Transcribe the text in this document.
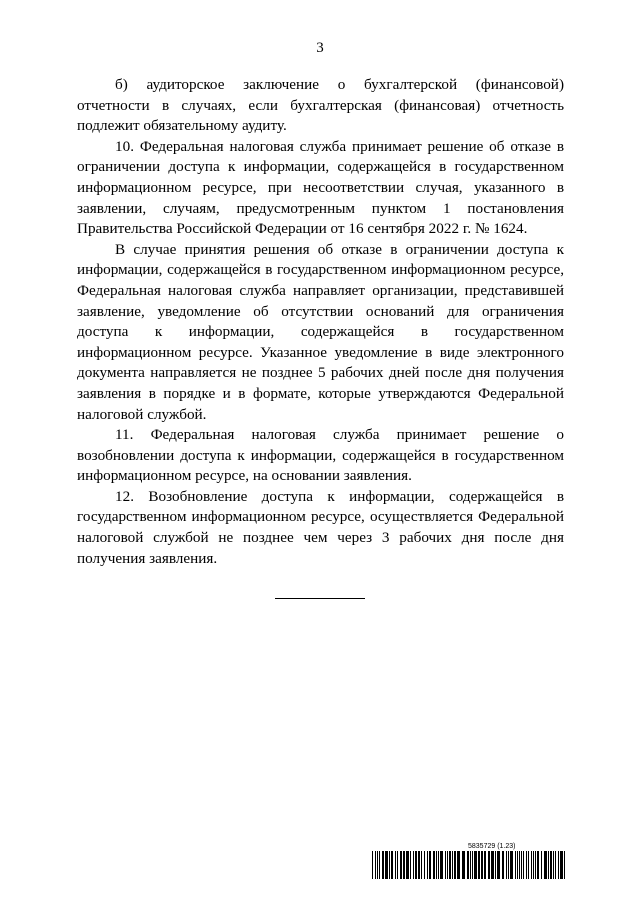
3

б) аудиторское заключение о бухгалтерской (финансовой) отчетности в случаях, если бухгалтерская (финансовая) отчетность подлежит обязательному аудиту.

10. Федеральная налоговая служба принимает решение об отказе в ограничении доступа к информации, содержащейся в государственном информационном ресурсе, при несоответствии случая, указанного в заявлении, случаям, предусмотренным пунктом 1 постановления Правительства Российской Федерации от 16 сентября 2022 г. № 1624.

В случае принятия решения об отказе в ограничении доступа к информации, содержащейся в государственном информационном ресурсе, Федеральная налоговая служба направляет организации, представившей заявление, уведомление об отсутствии оснований для ограничения доступа к информации, содержащейся в государственном информационном ресурсе. Указанное уведомление в виде электронного документа направляется не позднее 5 рабочих дней после дня получения заявления в порядке и в формате, которые утверждаются Федеральной налоговой службой.

11. Федеральная налоговая служба принимает решение о возобновлении доступа к информации, содержащейся в государственном информационном ресурсе, на основании заявления.

12. Возобновление доступа к информации, содержащейся в государственном информационном ресурсе, осуществляется Федеральной налоговой службой не позднее чем через 3 рабочих дня после дня получения заявления.

5835729 (1.23)
